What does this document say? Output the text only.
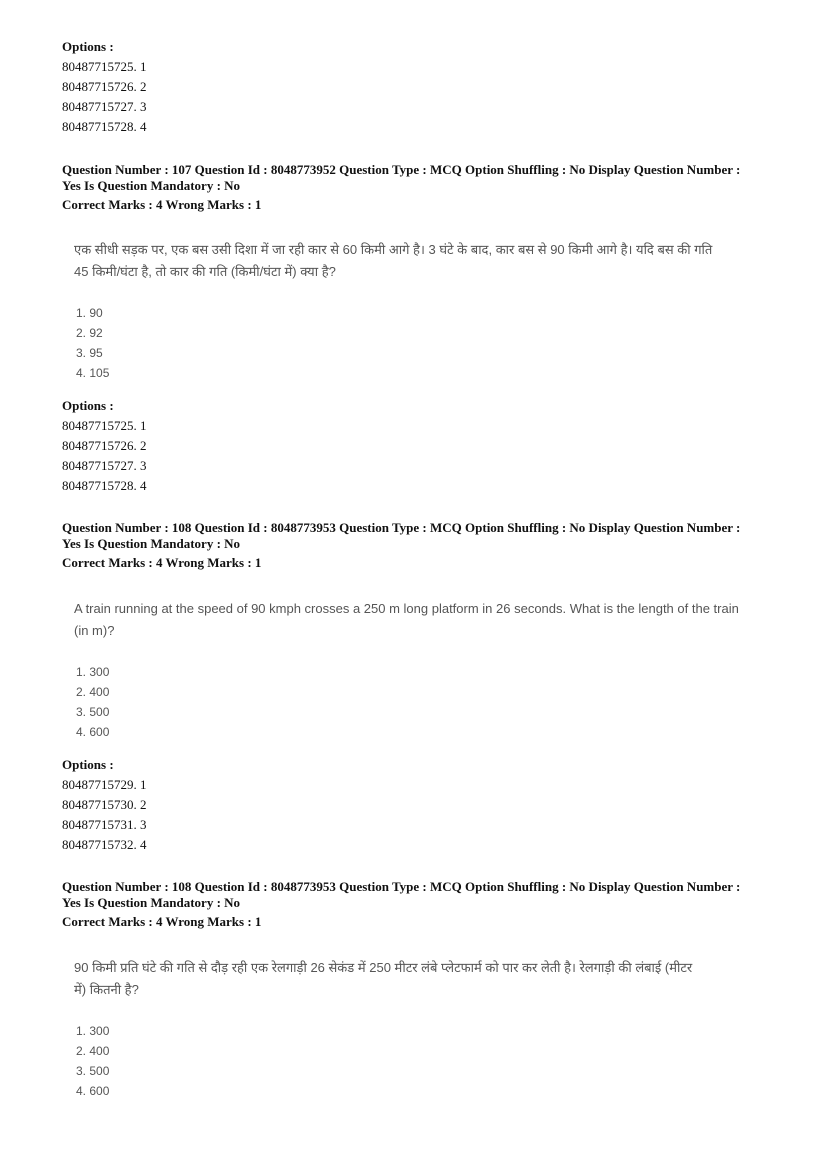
Options :
80487715725. 1
80487715726. 2
80487715727. 3
80487715728. 4
Question Number : 107 Question Id : 8048773952 Question Type : MCQ Option Shuffling : No Display Question Number :
Yes Is Question Mandatory : No
Correct Marks : 4 Wrong Marks : 1
एक सीधी सड़क पर, एक बस उसी दिशा में जा रही कार से 60 किमी आगे है। 3 घंटे के बाद, कार बस से 90 किमी आगे है। यदि बस की गति
45 किमी/घंटा है, तो कार की गति (किमी/घंटा में) क्या है?
1. 90
2. 92
3. 95
4. 105
Options :
80487715725. 1
80487715726. 2
80487715727. 3
80487715728. 4
Question Number : 108 Question Id : 8048773953 Question Type : MCQ Option Shuffling : No Display Question Number :
Yes Is Question Mandatory : No
Correct Marks : 4 Wrong Marks : 1
A train running at the speed of 90 kmph crosses a 250 m long platform in 26 seconds. What is the length of the train
(in m)?
1. 300
2. 400
3. 500
4. 600
Options :
80487715729. 1
80487715730. 2
80487715731. 3
80487715732. 4
Question Number : 108 Question Id : 8048773953 Question Type : MCQ Option Shuffling : No Display Question Number :
Yes Is Question Mandatory : No
Correct Marks : 4 Wrong Marks : 1
90 किमी प्रति घंटे की गति से दौड़ रही एक रेलगाड़ी 26 सेकंड में 250 मीटर लंबे प्लेटफार्म को पार कर लेती है। रेलगाड़ी की लंबाई (मीटर
में) कितनी है?
1. 300
2. 400
3. 500
4. 600
